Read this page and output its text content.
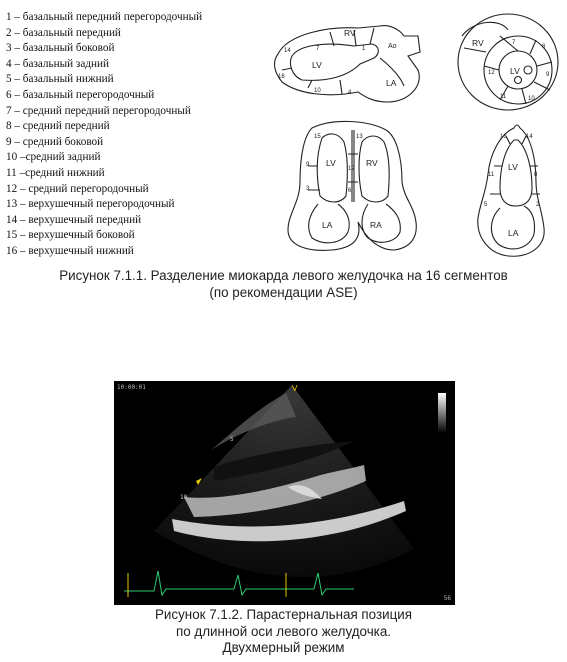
1 – базальный передний перегородочный
2 – базальный передний
3 – базальный боковой
4 – базальный задний
5 – базальный нижний
6 – базальный перегородочный
7 – средний передний перегородочный
8 – средний передний
9 – средний боковой
10 –средний задний
11 –средний нижний
12 – средний перегородочный
13 – верхушечный перегородочный
14 – верхушечный передний
15 – верхушечный боковой
16 – верхушечный нижний
RV
Ao
LV
LA
14	7	1
16
10	4
RV
LV
7
8
9
10
11
12
LV	RV
LA	RA
15	13
9
12
3	6
LV
LA
16	14
11	8
5	2
Рисунок 7.1.1. Разделение миокарда левого желудочка на 16 сегментов
(по рекомендации ASE)
5
10
V
10:00:01
56
Рисунок 7.1.2. Парастернальная позиция
по длинной оси левого желудочка.
Двухмерный режим
